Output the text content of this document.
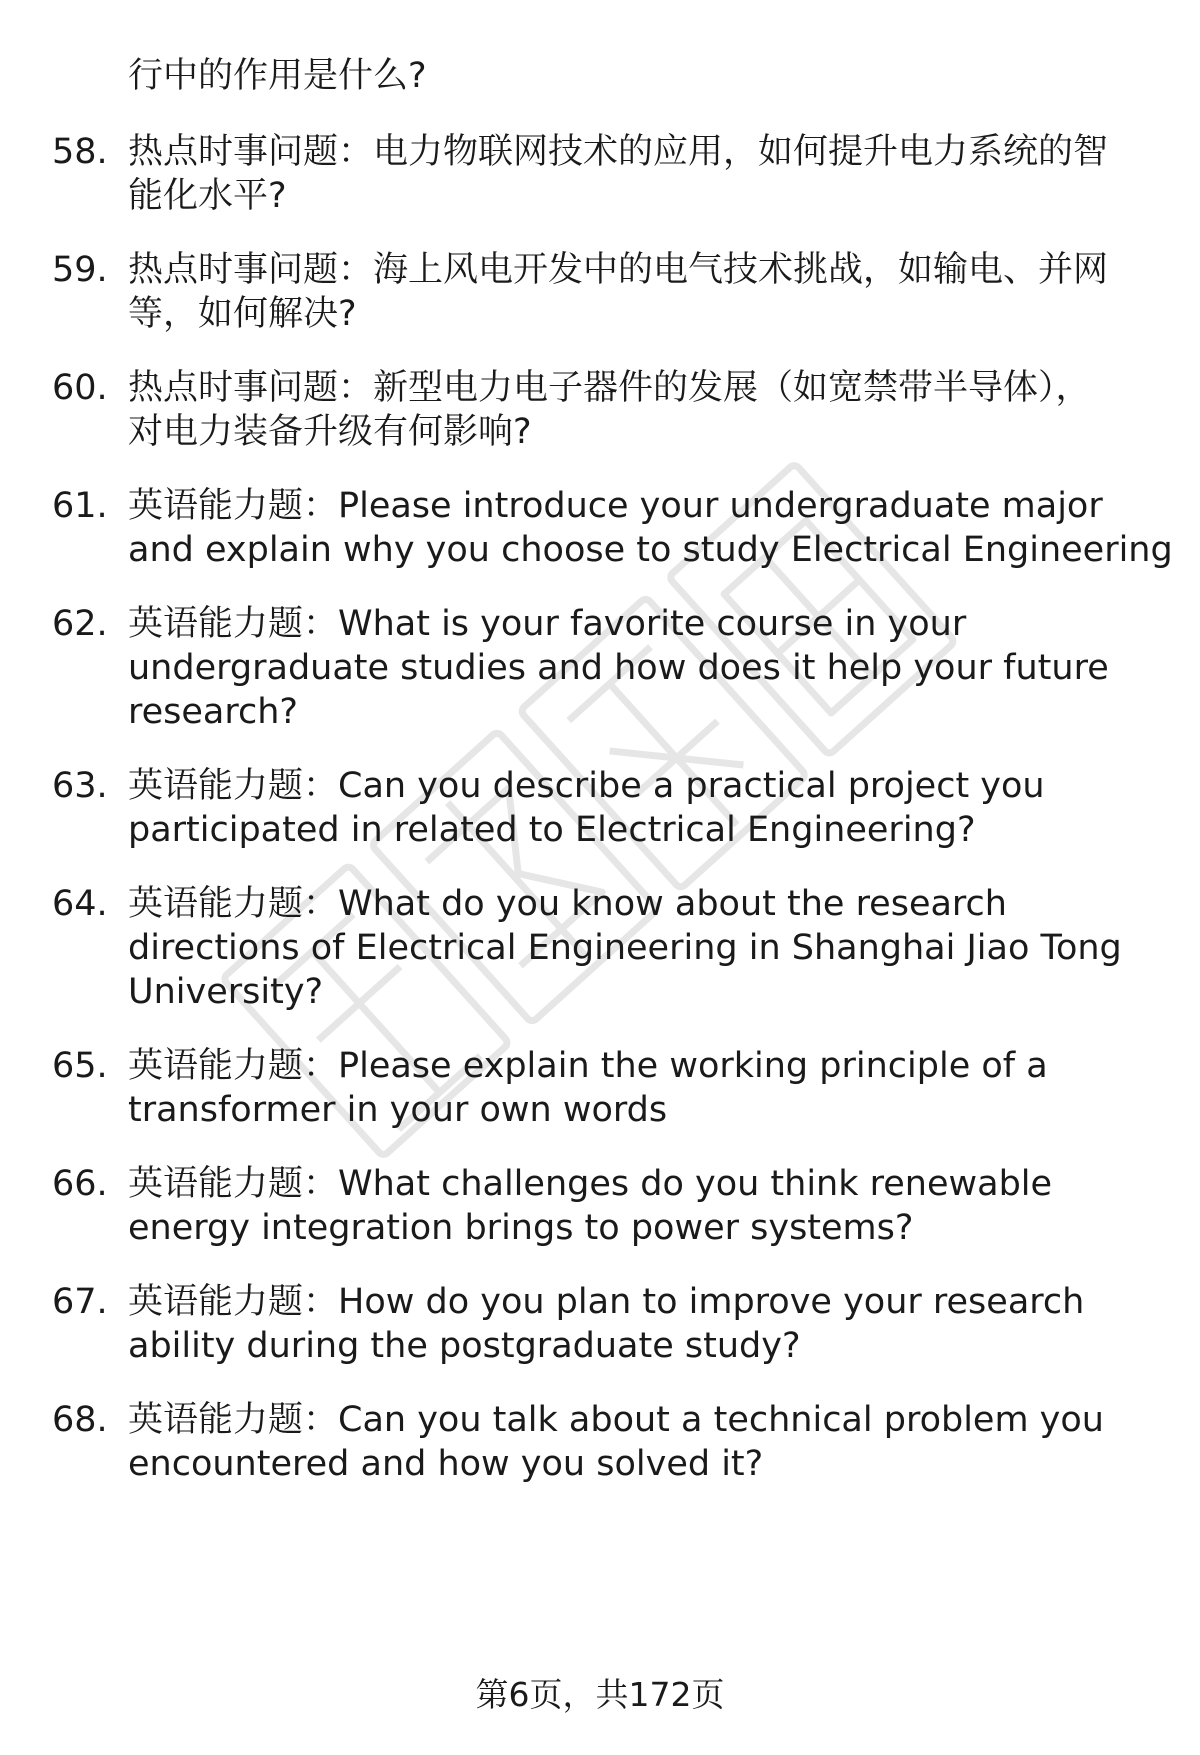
行中的作用是什么?
58. 热点时事问题：电力物联网技术的应用，如何提升电力系统的智
能化水平?
59. 热点时事问题：海上风电开发中的电气技术挑战，如输电、并网
等，如何解决?
60. 热点时事问题：新型电力电子器件的发展（如宽禁带半导体），
对电力装备升级有何影响?
61. 英语能力题：Please introduce your undergraduate major
and explain why you choose to study Electrical Engineering
62. 英语能力题：What is your favorite course in your
undergraduate studies and how does it help your future
research?
63. 英语能力题：Can you describe a practical project you
participated in related to Electrical Engineering?
64. 英语能力题：What do you know about the research
directions of Electrical Engineering in Shanghai Jiao Tong
University?
65. 英语能力题：Please explain the working principle of a
transformer in your own words
66. 英语能力题：What challenges do you think renewable
energy integration brings to power systems?
67. 英语能力题：How do you plan to improve your research
ability during the postgraduate study?
68. 英语能力题：Can you talk about a technical problem you
encountered and how you solved it?
第6页，共172页
